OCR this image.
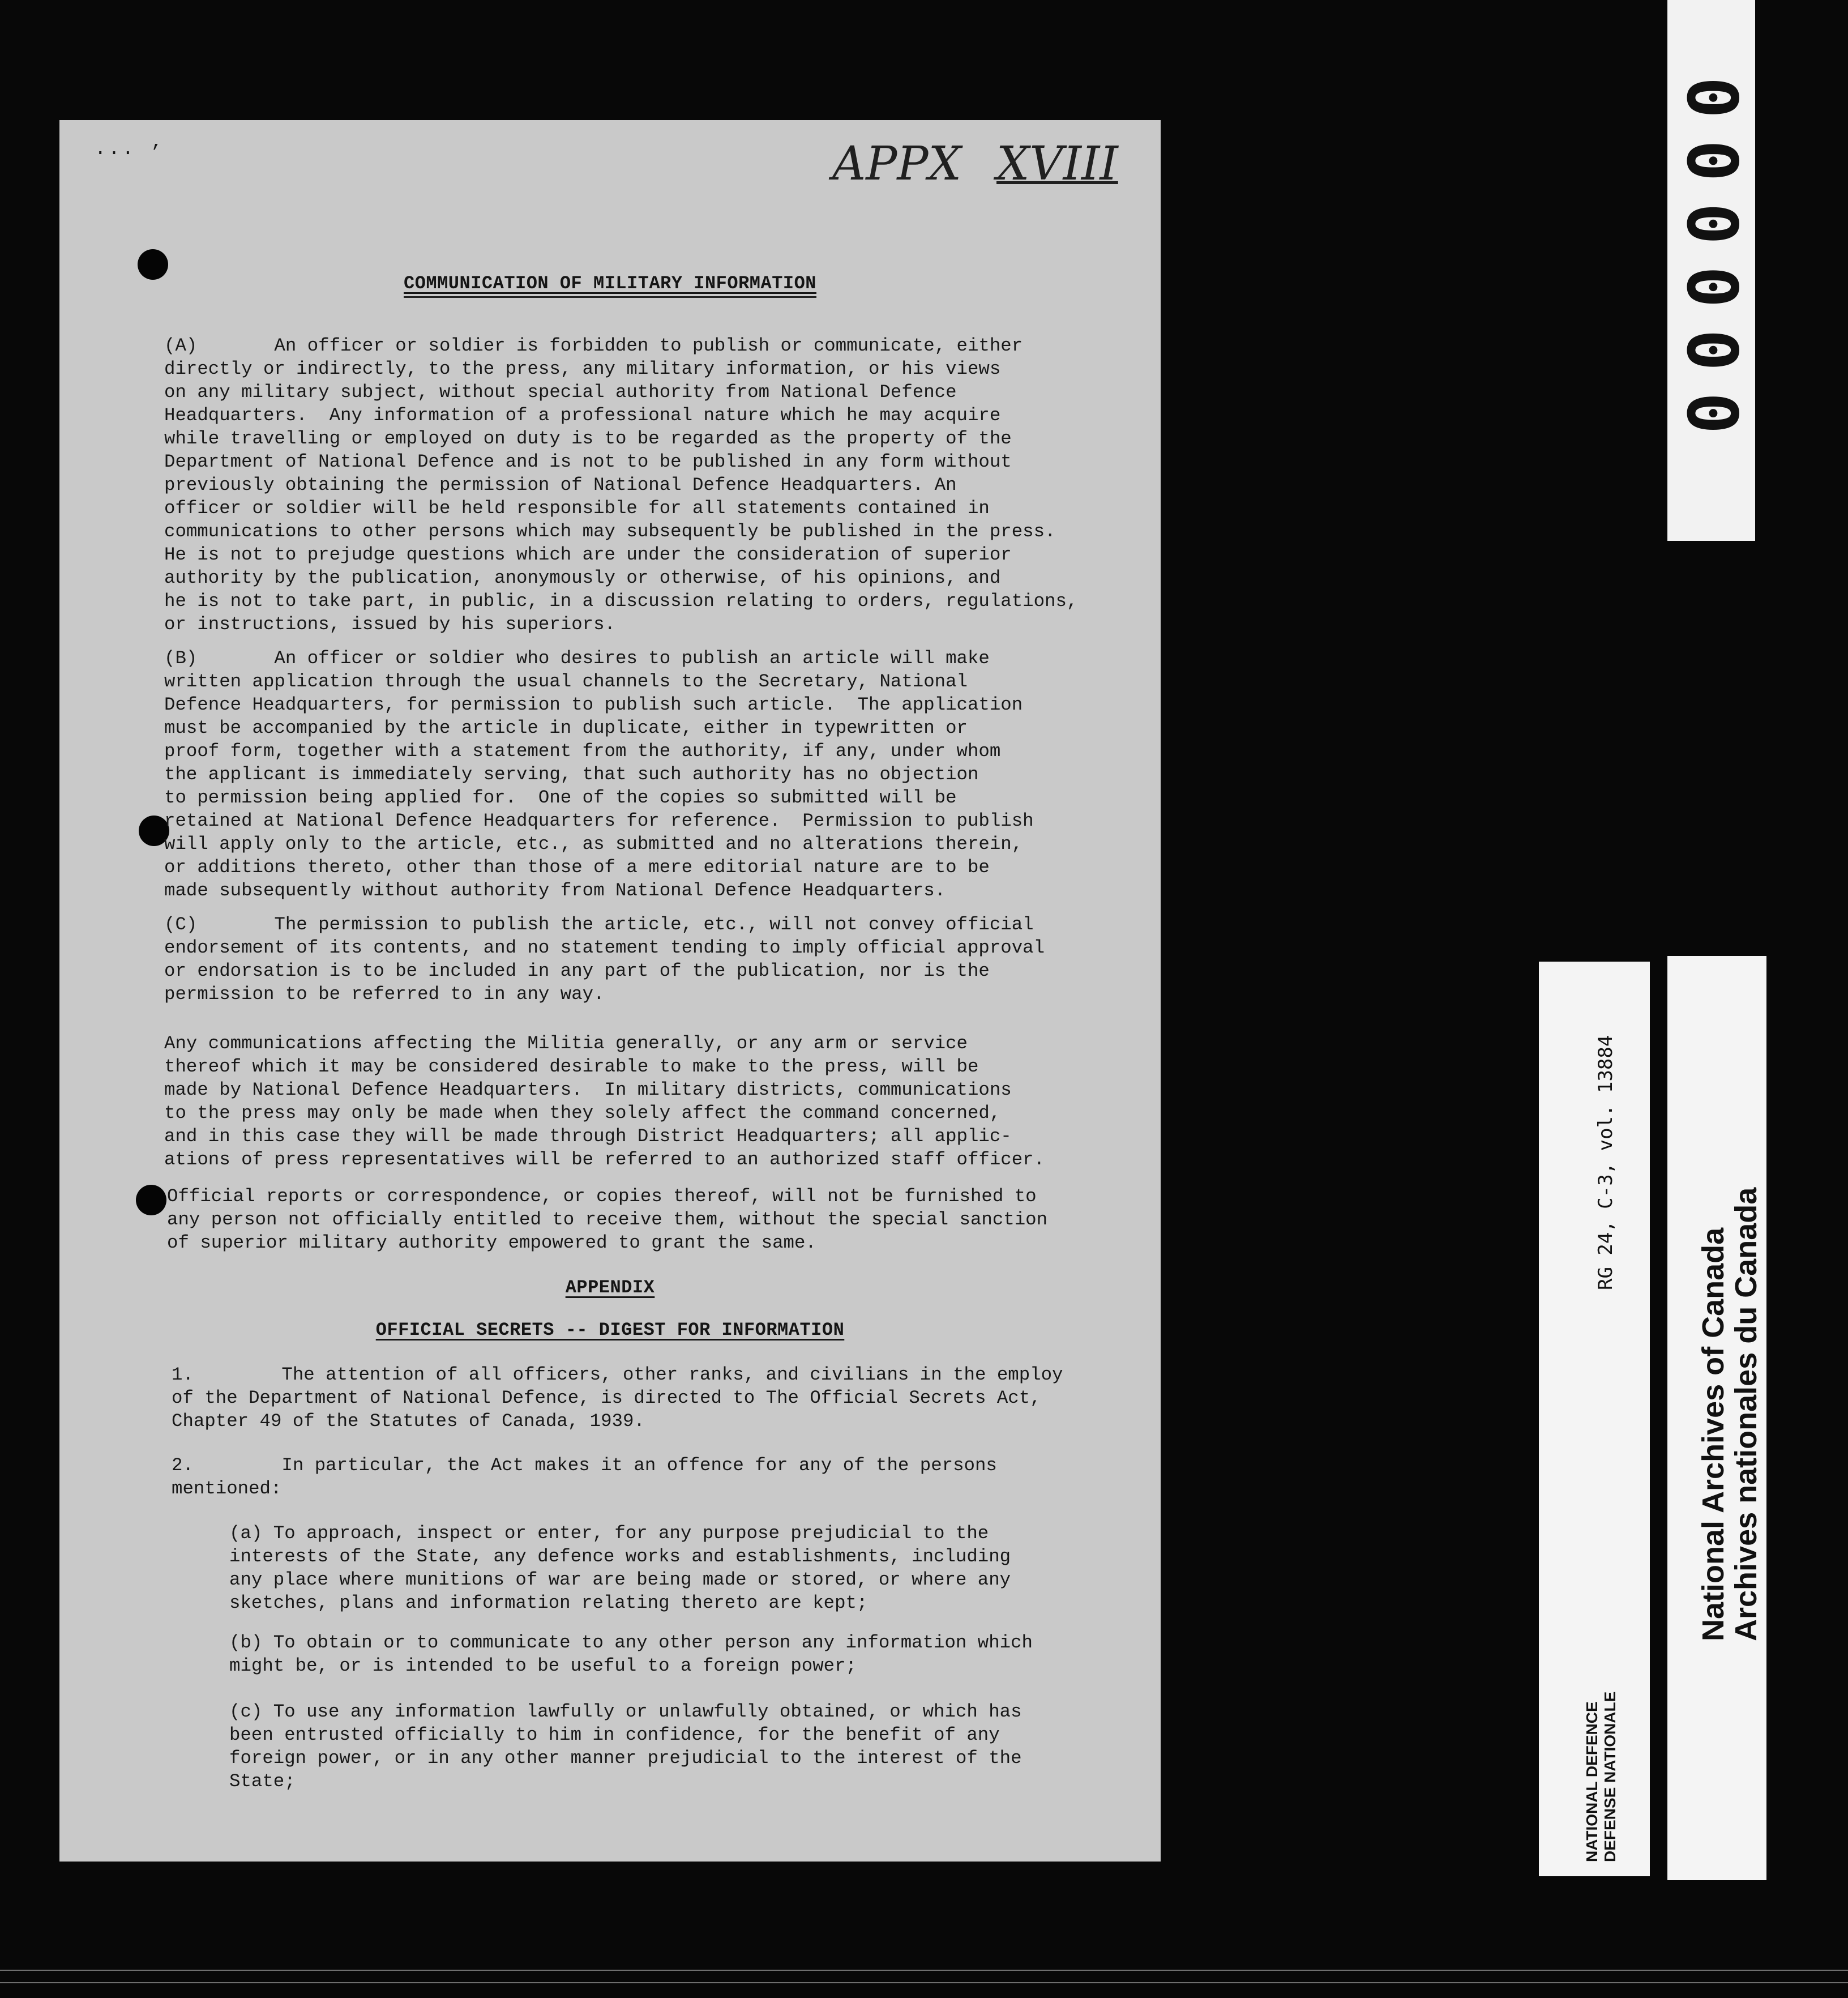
·∙∙ ’	APPX XVIII
COMMUNICATION OF MILITARY INFORMATION
(A)       An officer or soldier is forbidden to publish or communicate, either
directly or indirectly, to the press, any military information, or his views
on any military subject, without special authority from National Defence
Headquarters.  Any information of a professional nature which he may acquire
while travelling or employed on duty is to be regarded as the property of the
Department of National Defence and is not to be published in any form without
previously obtaining the permission of National Defence Headquarters. An
officer or soldier will be held responsible for all statements contained in
communications to other persons which may subsequently be published in the press.
He is not to prejudge questions which are under the consideration of superior
authority by the publication, anonymously or otherwise, of his opinions, and
he is not to take part, in public, in a discussion relating to orders, regulations,
or instructions, issued by his superiors.
(B)       An officer or soldier who desires to publish an article will make
written application through the usual channels to the Secretary, National
Defence Headquarters, for permission to publish such article.  The application
must be accompanied by the article in duplicate, either in typewritten or
proof form, together with a statement from the authority, if any, under whom
the applicant is immediately serving, that such authority has no objection
to permission being applied for.  One of the copies so submitted will be
retained at National Defence Headquarters for reference.  Permission to publish
will apply only to the article, etc., as submitted and no alterations therein,
or additions thereto, other than those of a mere editorial nature are to be
made subsequently without authority from National Defence Headquarters.
(C)       The permission to publish the article, etc., will not convey official
endorsement of its contents, and no statement tending to imply official approval
or endorsation is to be included in any part of the publication, nor is the
permission to be referred to in any way.
Any communications affecting the Militia generally, or any arm or service
thereof which it may be considered desirable to make to the press, will be
made by National Defence Headquarters.  In military districts, communications
to the press may only be made when they solely affect the command concerned,
and in this case they will be made through District Headquarters; all applic-
ations of press representatives will be referred to an authorized staff officer.
Official reports or correspondence, or copies thereof, will not be furnished to
any person not officially entitled to receive them, without the special sanction
of superior military authority empowered to grant the same.
APPENDIX
OFFICIAL SECRETS -- DIGEST FOR INFORMATION
1.        The attention of all officers, other ranks, and civilians in the employ
of the Department of National Defence, is directed to The Official Secrets Act,
Chapter 49 of the Statutes of Canada, 1939.
2.        In particular, the Act makes it an offence for any of the persons
mentioned:
(a) To approach, inspect or enter, for any purpose prejudicial to the
interests of the State, any defence works and establishments, including
any place where munitions of war are being made or stored, or where any
sketches, plans and information relating thereto are kept;
(b) To obtain or to communicate to any other person any information which
might be, or is intended to be useful to a foreign power;
(c) To use any information lawfully or unlawfully obtained, or which has
been entrusted officially to him in confidence, for the benefit of any
foreign power, or in any other manner prejudicial to the interest of the
State;
000000
RG 24, C-3, vol. 13884
NATIONAL DEFENCE
DEFENSE NATIONALE
National Archives of Canada
Archives nationales du Canada
